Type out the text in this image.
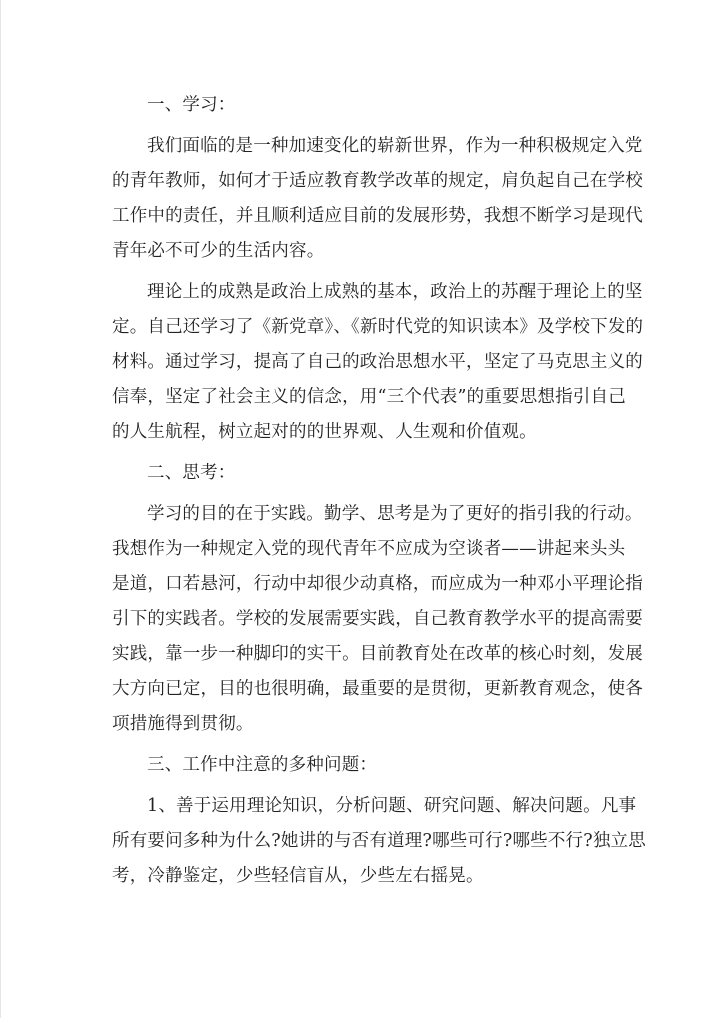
一、学习：
我们面临的是一种加速变化的崭新世界，作为一种积极规定入党
的青年教师，如何才于适应教育教学改革的规定，肩负起自己在学校
工作中的责任，并且顺利适应目前的发展形势，我想不断学习是现代
青年必不可少的生活内容。
理论上的成熟是政治上成熟的基本，政治上的苏醒于理论上的坚
定。自己还学习了《新党章》、《新时代党的知识读本》及学校下发的
材料。通过学习，提高了自己的政治思想水平，坚定了马克思主义的
信奉，坚定了社会主义的信念，用“三个代表”的重要思想指引自己
的人生航程，树立起对的的世界观、人生观和价值观。
二、思考：
学习的目的在于实践。勤学、思考是为了更好的指引我的行动。
我想作为一种规定入党的现代青年不应成为空谈者——讲起来头头
是道，口若悬河，行动中却很少动真格，而应成为一种邓小平理论指
引下的实践者。学校的发展需要实践，自己教育教学水平的提高需要
实践，靠一步一种脚印的实干。目前教育处在改革的核心时刻，发展
大方向已定，目的也很明确，最重要的是贯彻，更新教育观念，使各
项措施得到贯彻。
三、工作中注意的多种问题：
1、善于运用理论知识，分析问题、研究问题、解决问题。凡事
所有要问多种为什么?她讲的与否有道理?哪些可行?哪些不行?独立思
考，冷静鉴定，少些轻信盲从，少些左右摇晃。
